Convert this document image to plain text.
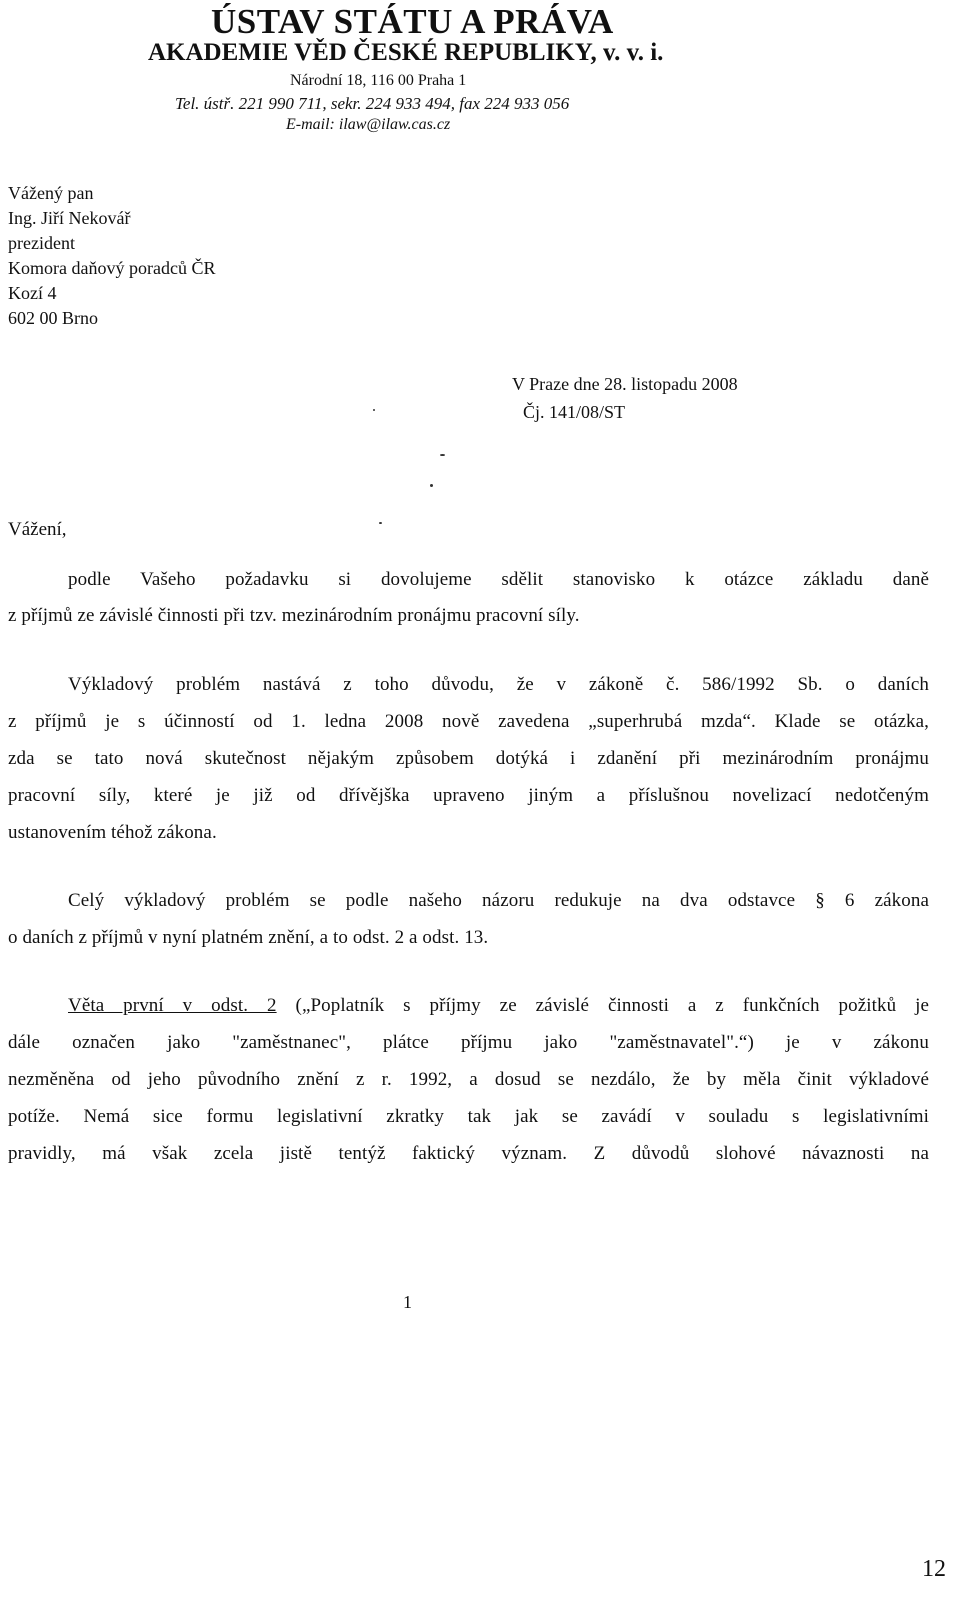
ÚSTAV STÁTU A PRÁVA
AKADEMIE VĚD ČESKÉ REPUBLIKY, v. v. i.
Národní 18, 116 00 Praha 1
Tel. ústř. 221 990 711, sekr. 224 933 494, fax 224 933 056
E-mail: ilaw@ilaw.cas.cz
Vážený pan
Ing. Jiří Nekovář
prezident
Komora daňový poradců ČR
Kozí 4
602 00 Brno
V Praze dne 28. listopadu 2008
Čj. 141/08/ST
Vážení,
podle Vašeho požadavku si dovolujeme sdělit stanovisko k otázce základu daně
z příjmů ze závislé činnosti při tzv. mezinárodním pronájmu pracovní síly.
Výkladový problém nastává z toho důvodu, že v zákoně č. 586/1992 Sb. o daních
z příjmů je s účinností od 1. ledna 2008 nově zavedena „superhrubá mzda“. Klade se otázka,
zda se tato nová skutečnost nějakým způsobem dotýká i zdanění při mezinárodním pronájmu
pracovní síly, které je již od dřívějška upraveno jiným a příslušnou novelizací nedotčeným
ustanovením téhož zákona.
Celý výkladový problém se podle našeho názoru redukuje na dva odstavce § 6 zákona
o daních z příjmů v nyní platném znění, a to odst. 2 a odst. 13.
Věta první v odst. 2 („Poplatník s příjmy ze závislé činnosti a z funkčních požitků je
dále označen jako "zaměstnanec", plátce příjmu jako "zaměstnavatel".“) je v zákonu
nezměněna od jeho původního znění z r. 1992, a dosud se nezdálo, že by měla činit výkladové
potíže. Nemá sice formu legislativní zkratky tak jak se zavádí v souladu s legislativními
pravidly, má však zcela jistě tentýž faktický význam. Z důvodů slohové návaznosti na
1
12
